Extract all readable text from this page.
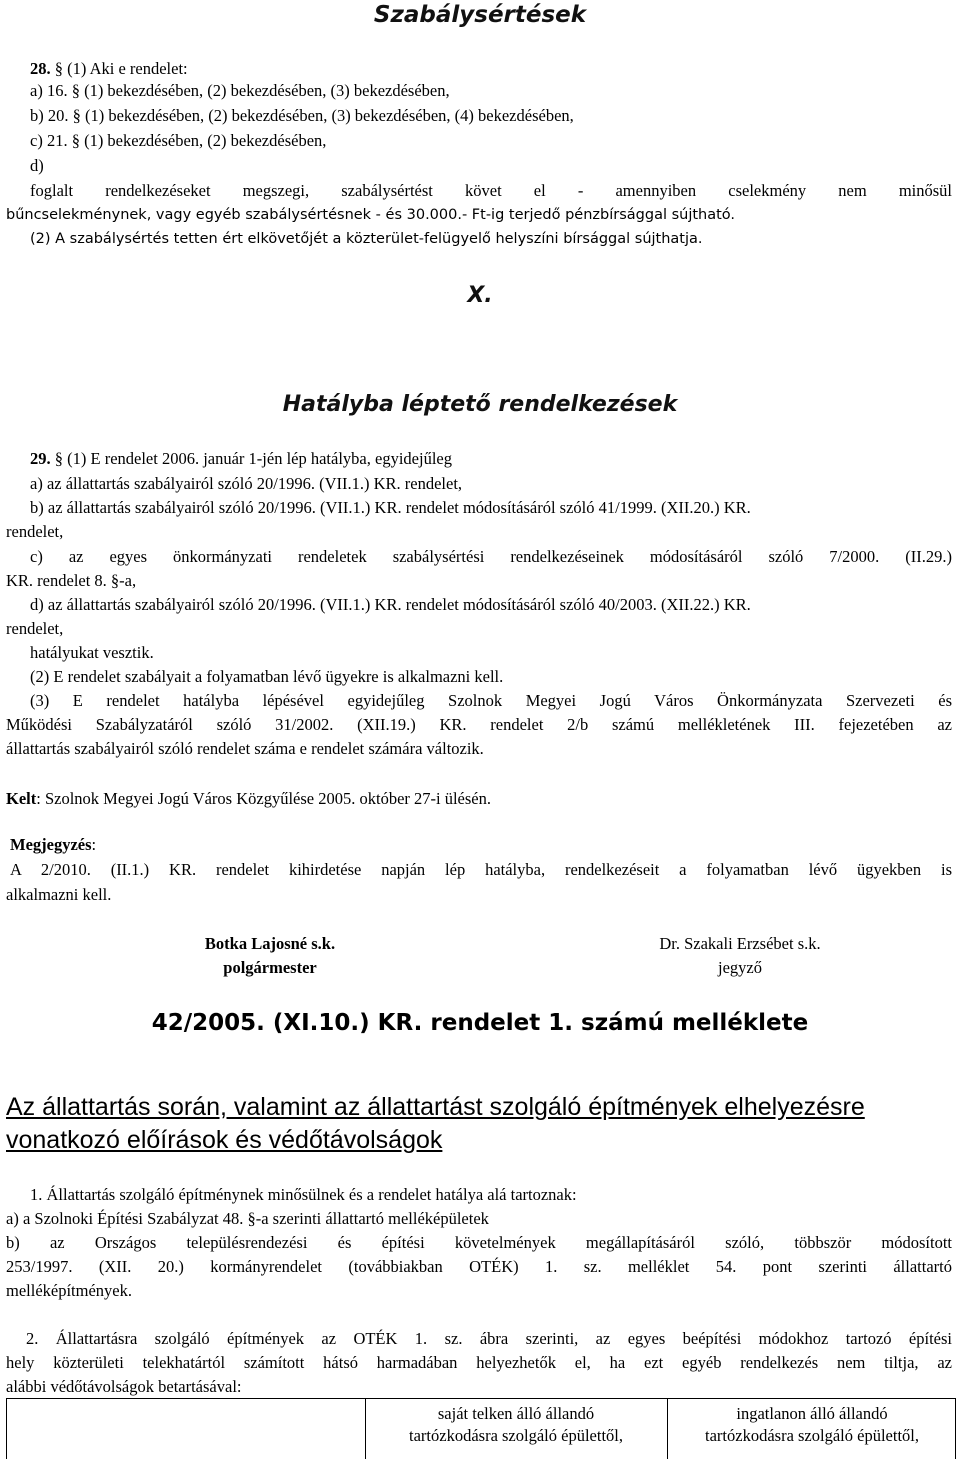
Szabálysértések
28. § (1) Aki e rendelet:
a) 16. § (1) bekezdésében, (2) bekezdésében, (3) bekezdésében,
b) 20. § (1) bekezdésében, (2) bekezdésében, (3) bekezdésében, (4) bekezdésében,
c) 21. § (1) bekezdésében, (2) bekezdésében,
d)
foglalt rendelkezéseket megszegi, szabálysértést követ el - amennyiben cselekmény nem minősül
bűncselekménynek, vagy egyéb szabálysértésnek - és 30.000.- Ft-ig terjedő pénzbírsággal sújtható.
(2) A szabálysértés tetten ért elkövetőjét a közterület-felügyelő helyszíni bírsággal sújthatja.
X.
Hatályba léptető rendelkezések
29. § (1) E rendelet 2006. január 1-jén lép hatályba, egyidejűleg
a) az állattartás szabályairól szóló 20/1996. (VII.1.) KR. rendelet,
b) az állattartás szabályairól szóló 20/1996. (VII.1.) KR. rendelet módosításáról szóló 41/1999. (XII.20.) KR.
rendelet,
c) az egyes önkormányzati rendeletek szabálysértési rendelkezéseinek módosításáról szóló 7/2000. (II.29.)
KR. rendelet 8. §-a,
d) az állattartás szabályairól szóló 20/1996. (VII.1.) KR. rendelet módosításáról szóló 40/2003. (XII.22.) KR.
rendelet,
hatályukat vesztik.
(2) E rendelet szabályait a folyamatban lévő ügyekre is alkalmazni kell.
(3) E rendelet hatályba lépésével egyidejűleg Szolnok Megyei Jogú Város Önkormányzata Szervezeti és
Működési Szabályzatáról szóló 31/2002. (XII.19.) KR. rendelet 2/b számú mellékletének III. fejezetében az
állattartás szabályairól szóló rendelet száma e rendelet számára változik.
Kelt: Szolnok Megyei Jogú Város Közgyűlése 2005. október 27-i ülésén.
Megjegyzés:
A 2/2010. (II.1.) KR. rendelet kihirdetése napján lép hatályba, rendelkezéseit a folyamatban lévő ügyekben is
alkalmazni kell.
Botka Lajosné s.k.
polgármester
Dr. Szakali Erzsébet s.k.
jegyző
42/2005. (XI.10.) KR. rendelet 1. számú melléklete
Az állattartás során, valamint az állattartást szolgáló építmények elhelyezésre
vonatkozó előírások és védőtávolságok
1. Állattartás szolgáló építménynek minősülnek és a rendelet hatálya alá tartoznak:
a) a Szolnoki Építési Szabályzat 48. §-a szerinti állattartó melléképületek
b) az Országos településrendezési és építési követelmények megállapításáról szóló, többször módosított
253/1997. (XII. 20.) kormányrendelet (továbbiakban OTÉK) 1. sz. melléklet 54. pont szerinti állattartó
melléképítmények.
2. Állattartásra szolgáló építmények az OTÉK 1. sz. ábra szerinti, az egyes beépítési módokhoz tartozó építési
hely közterületi telekhatártól számított hátsó harmadában helyezhetők el, ha ezt egyéb rendelkezés nem tiltja, az
alábbi védőtávolságok betartásával:
saját telken álló állandó
tartózkodásra szolgáló épülettől,
ingatlanon álló állandó
tartózkodásra szolgáló épülettől,
